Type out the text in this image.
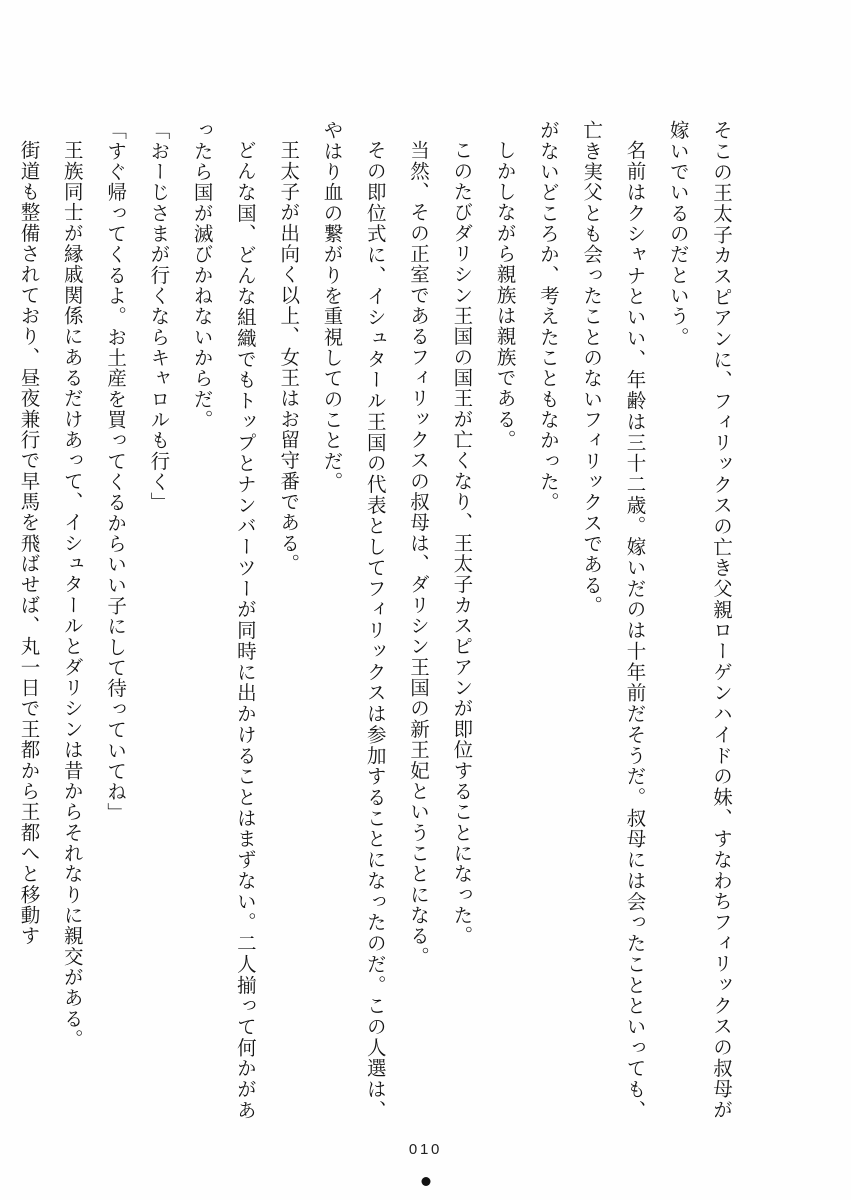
そこの王太子カスピアンに、フィリックスの亡き父親ローゲンハイドの妹、すなわちフィリックスの叔母が嫁いでいるのだという。

名前はクシャナといい、年齢は三十二歳。嫁いだのは十年前だそうだ。叔母には会ったことといっても、亡き実父とも会ったことのないフィリックスである。

がないどころか、考えたこともなかった。

しかしながら親族は親族である。

このたびダリシン王国の国王が亡くなり、王太子カスピアンが即位することになった。

当然、その正室であるフィリックスの叔母は、ダリシン王国の新王妃ということになる。

その即位式に、イシュタール王国の代表としてフィリックスは参加することになったのだ。この人選は、やはり血の繋がりを重視してのことだ。

王太子が出向く以上、女王はお留守番である。

どんな国、どんな組織でもトップとナンバーツーが同時に出かけることはまずない。二人揃って何かがあったら国が滅びかねないからだ。

「おーじさまが行くならキャロルも行く」

「すぐ帰ってくるよ。お土産を買ってくるからいい子にして待っていてね」

王族同士が縁戚関係にあるだけあって、イシュタールとダリシンは昔からそれなりに親交がある。

街道も整備されており、昼夜兼行で早馬を飛ばせば、丸一日で王都から王都へと移動す

010
